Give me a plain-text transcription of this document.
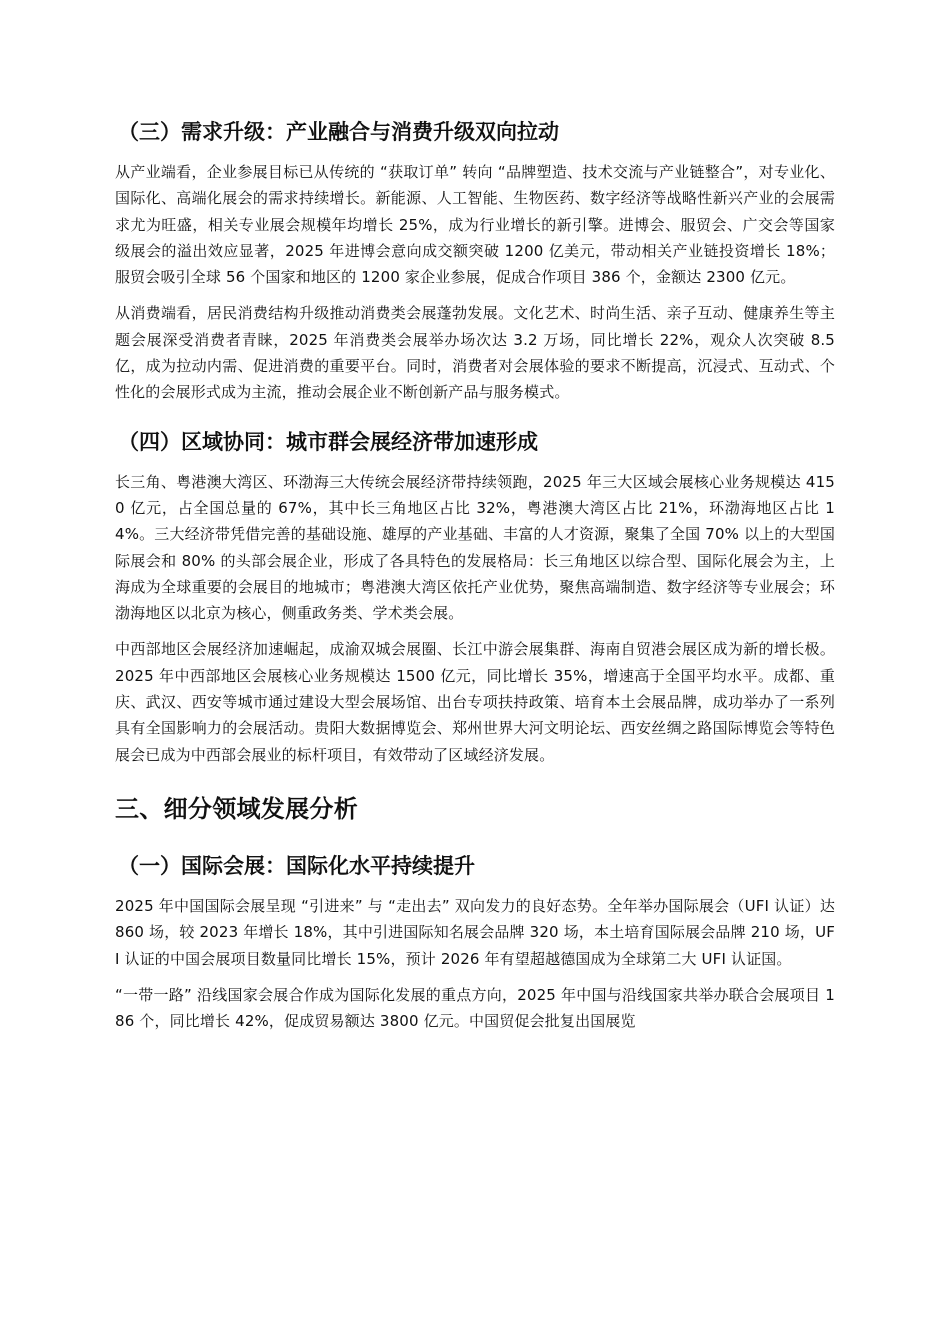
（三）需求升级：产业融合与消费升级双向拉动

从产业端看，企业参展目标已从传统的 “获取订单” 转向 “品牌塑造、技术交流与产业链整合”，对专业化、国际化、高端化展会的需求持续增长。新能源、人工智能、生物医药、数字经济等战略性新兴产业的会展需求尤为旺盛，相关专业展会规模年均增长 25%，成为行业增长的新引擎。进博会、服贸会、广交会等国家级展会的溢出效应显著，2025 年进博会意向成交额突破 1200 亿美元，带动相关产业链投资增长 18%；服贸会吸引全球 56 个国家和地区的 1200 家企业参展，促成合作项目 386 个，金额达 2300 亿元。

从消费端看，居民消费结构升级推动消费类会展蓬勃发展。文化艺术、时尚生活、亲子互动、健康养生等主题会展深受消费者青睐，2025 年消费类会展举办场次达 3.2 万场，同比增长 22%，观众人次突破 8.5 亿，成为拉动内需、促进消费的重要平台。同时，消费者对会展体验的要求不断提高，沉浸式、互动式、个性化的会展形式成为主流，推动会展企业不断创新产品与服务模式。

（四）区域协同：城市群会展经济带加速形成

长三角、粤港澳大湾区、环渤海三大传统会展经济带持续领跑，2025 年三大区域会展核心业务规模达 4150 亿元，占全国总量的 67%，其中长三角地区占比 32%，粤港澳大湾区占比 21%，环渤海地区占比 14%。三大经济带凭借完善的基础设施、雄厚的产业基础、丰富的人才资源，聚集了全国 70% 以上的大型国际展会和 80% 的头部会展企业，形成了各具特色的发展格局：长三角地区以综合型、国际化展会为主，上海成为全球重要的会展目的地城市；粤港澳大湾区依托产业优势，聚焦高端制造、数字经济等专业展会；环渤海地区以北京为核心，侧重政务类、学术类会展。

中西部地区会展经济加速崛起，成渝双城会展圈、长江中游会展集群、海南自贸港会展区成为新的增长极。2025 年中西部地区会展核心业务规模达 1500 亿元，同比增长 35%，增速高于全国平均水平。成都、重庆、武汉、西安等城市通过建设大型会展场馆、出台专项扶持政策、培育本土会展品牌，成功举办了一系列具有全国影响力的会展活动。贵阳大数据博览会、郑州世界大河文明论坛、西安丝绸之路国际博览会等特色展会已成为中西部会展业的标杆项目，有效带动了区域经济发展。

三、细分领域发展分析
（一）国际会展：国际化水平持续提升

2025 年中国国际会展呈现 “引进来” 与 “走出去” 双向发力的良好态势。全年举办国际展会（UFI 认证）达 860 场，较 2023 年增长 18%，其中引进国际知名展会品牌 320 场，本土培育国际展会品牌 210 场，UFI 认证的中国会展项目数量同比增长 15%，预计 2026 年有望超越德国成为全球第二大 UFI 认证国。

“一带一路” 沿线国家会展合作成为国际化发展的重点方向，2025 年中国与沿线国家共举办联合会展项目 186 个，同比增长 42%，促成贸易额达 3800 亿元。中国贸促会批复出国展览
